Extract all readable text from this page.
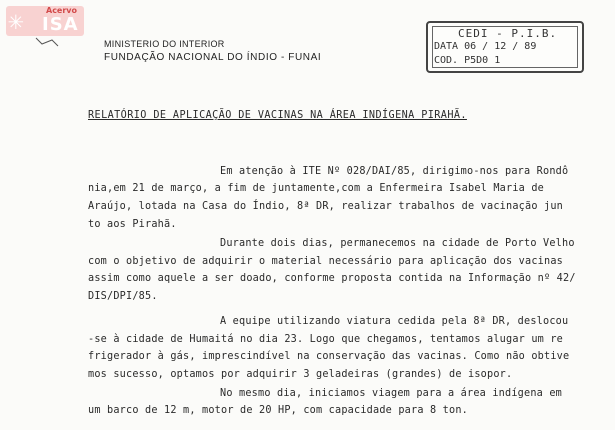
✳	Acervo
ISA	CEDI - P.I.B.
DATA 06 / 12 / 89
COD. P5D0 1
MINISTERIO DO INTERIOR
FUNDAÇÃO NACIONAL DO ÍNDIO - FUNAI
RELATÓRIO DE APLICAÇÃO DE VACINAS NA ÁREA INDÍGENA PIRAHÃ.
Em atenção à ITE Nº 028/DAI/85, dirigimo-nos para Rondô
nia,em 21 de março, a fim de juntamente,com a Enfermeira Isabel Maria de
Araújo, lotada na Casa do Índio, 8ª DR, realizar trabalhos de vacinação jun
to aos Pirahã.
Durante dois dias, permanecemos na cidade de Porto Velho
com o objetivo de adquirir o material necessário para aplicação dos vacinas
assim como aquele a ser doado, conforme proposta contida na Informação nº 42/
DIS/DPI/85.
A equipe utilizando viatura cedida pela 8ª DR, deslocou
-se à cidade de Humaitá no dia 23. Logo que chegamos, tentamos alugar um re
frigerador à gás, imprescindível na conservação das vacinas. Como não obtive
mos sucesso, optamos por adquirir 3 geladeiras (grandes) de isopor.
No mesmo dia, iniciamos viagem para a área indígena em
um barco de 12 m, motor de 20 HP, com capacidade para 8 ton.
